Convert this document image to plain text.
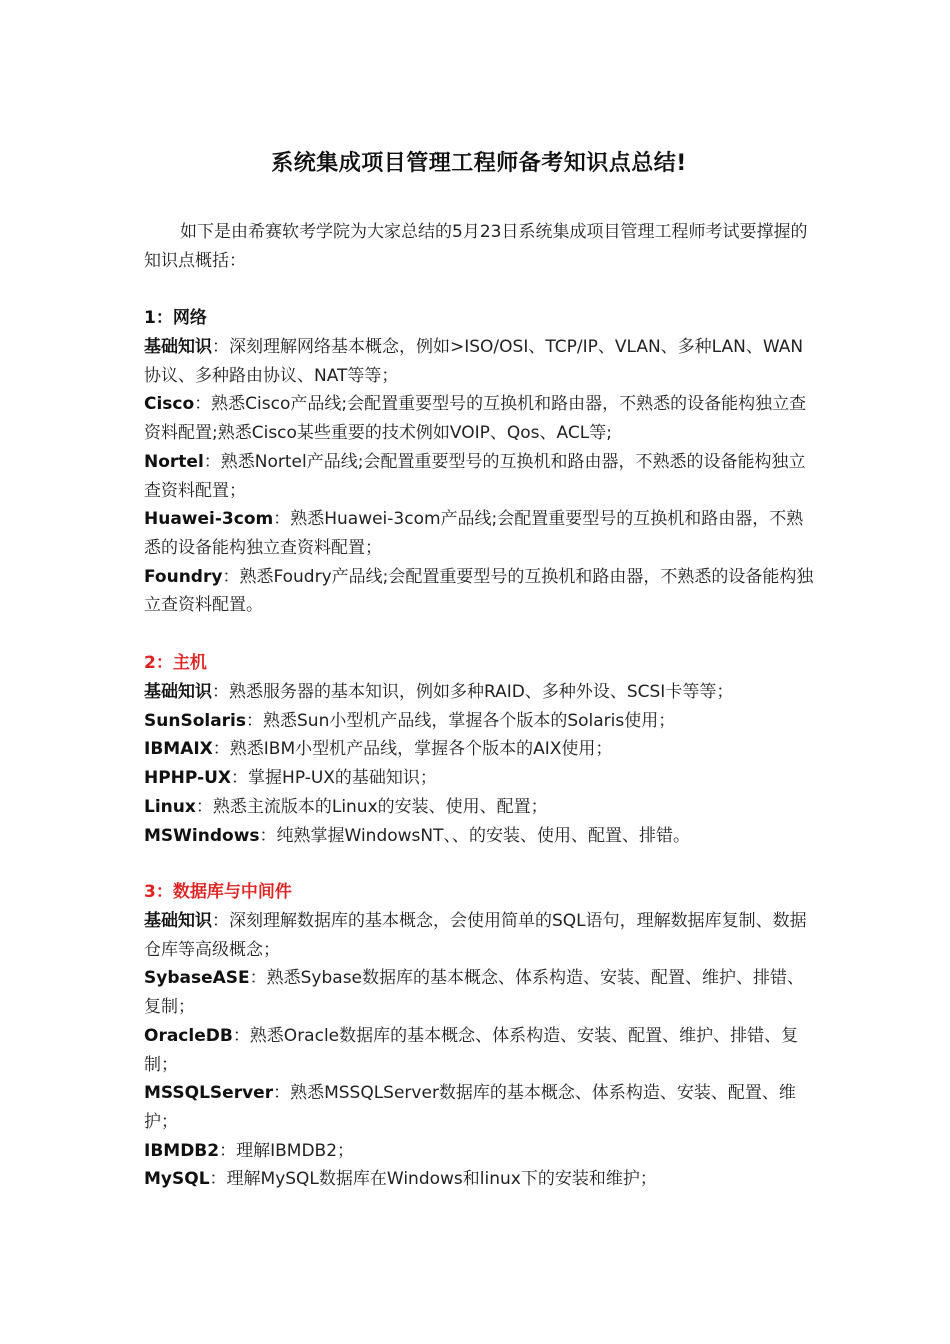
系统集成项目管理工程师备考知识点总结!
如下是由希赛软考学院为大家总结的5月23日系统集成项目管理工程师考试要撑握的知识点概括：
1：网络
基础知识：深刻理解网络基本概念，例如>ISO/OSI、TCP/IP、VLAN、多种LAN、WAN协议、多种路由协议、NAT等等；
Cisco：熟悉Cisco产品线;会配置重要型号的互换机和路由器，不熟悉的设备能构独立查资料配置;熟悉Cisco某些重要的技术例如VOIP、Qos、ACL等;
Nortel：熟悉Nortel产品线;会配置重要型号的互换机和路由器，不熟悉的设备能构独立查资料配置；
Huawei-3com：熟悉Huawei-3com产品线;会配置重要型号的互换机和路由器，不熟悉的设备能构独立查资料配置；
Foundry：熟悉Foudry产品线;会配置重要型号的互换机和路由器，不熟悉的设备能构独立查资料配置。
2：主机
基础知识：熟悉服务器的基本知识，例如多种RAID、多种外设、SCSI卡等等；
SunSolaris：熟悉Sun小型机产品线，掌握各个版本的Solaris使用；
IBMAIX：熟悉IBM小型机产品线，掌握各个版本的AIX使用；
HPHP-UX：掌握HP-UX的基础知识；
Linux：熟悉主流版本的Linux的安装、使用、配置；
MSWindows：纯熟掌握WindowsNT、、的安装、使用、配置、排错。
3：数据库与中间件
基础知识：深刻理解数据库的基本概念，会使用简单的SQL语句，理解数据库复制、数据仓库等高级概念；
SybaseASE：熟悉Sybase数据库的基本概念、体系构造、安装、配置、维护、排错、复制；
OracleDB：熟悉Oracle数据库的基本概念、体系构造、安装、配置、维护、排错、复制；
MSSQLServer：熟悉MSSQLServer数据库的基本概念、体系构造、安装、配置、维护；
IBMDB2：理解IBMDB2；
MySQL：理解MySQL数据库在Windows和linux下的安装和维护；
